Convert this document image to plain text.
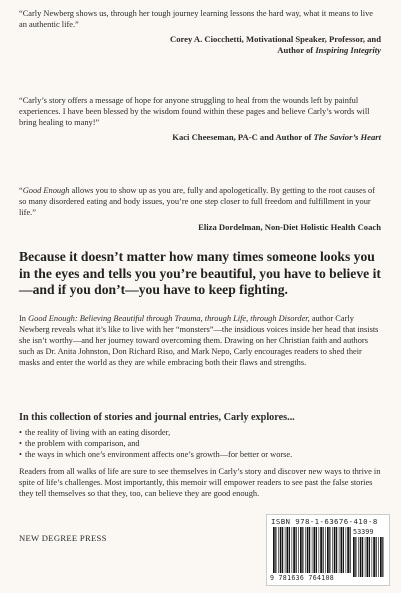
“Carly Newberg shows us, through her tough journey learning lessons the hard way, what it means to live an authentic life.”

Corey A. Ciocchetti, Motivational Speaker, Professor, and
Author of Inspiring Integrity

“Carly’s story offers a message of hope for anyone struggling to heal from the wounds left by painful experiences. I have been blessed by the wisdom found within these pages and believe Carly’s words will bring healing to many!”

Kaci Cheeseman, PA-C and Author of The Savior’s Heart

“Good Enough allows you to show up as you are, fully and apologetically. By getting to the root causes of so many disordered eating and body issues, you’re one step closer to full freedom and fulfillment in your life.”

Eliza Dordelman, Non-Diet Holistic Health Coach
Because it doesn’t matter how many times someone looks you in the eyes and tells you you’re beautiful, you have to believe it—and if you don’t—you have to keep fighting.

In Good Enough: Believing Beautiful through Trauma, through Life, through Disorder, author Carly Newberg reveals what it’s like to live with her “monsters”—the insidious voices inside her head that insists she isn’t worthy—and her journey toward overcoming them. Drawing on her Christian faith and authors such as Dr. Anita Johnston, Don Richard Riso, and Mark Nepo, Carly encourages readers to shed their masks and enter the world as they are while embracing both their flaws and strengths.

In this collection of stories and journal entries, Carly explores...
• the reality of living with an eating disorder,
• the problem with comparison, and
• the ways in which one’s environment affects one’s growth—for better or worse.

Readers from all walks of life are sure to see themselves in Carly’s story and discover new ways to thrive in spite of life’s challenges. Most importantly, this memoir will empower readers to see past the false stories they tell themselves so that they, too, can believe they are good enough.

NEW DEGREE PRESS
ISBN 978-1-63676-410-8
53399
9 781636 764108
